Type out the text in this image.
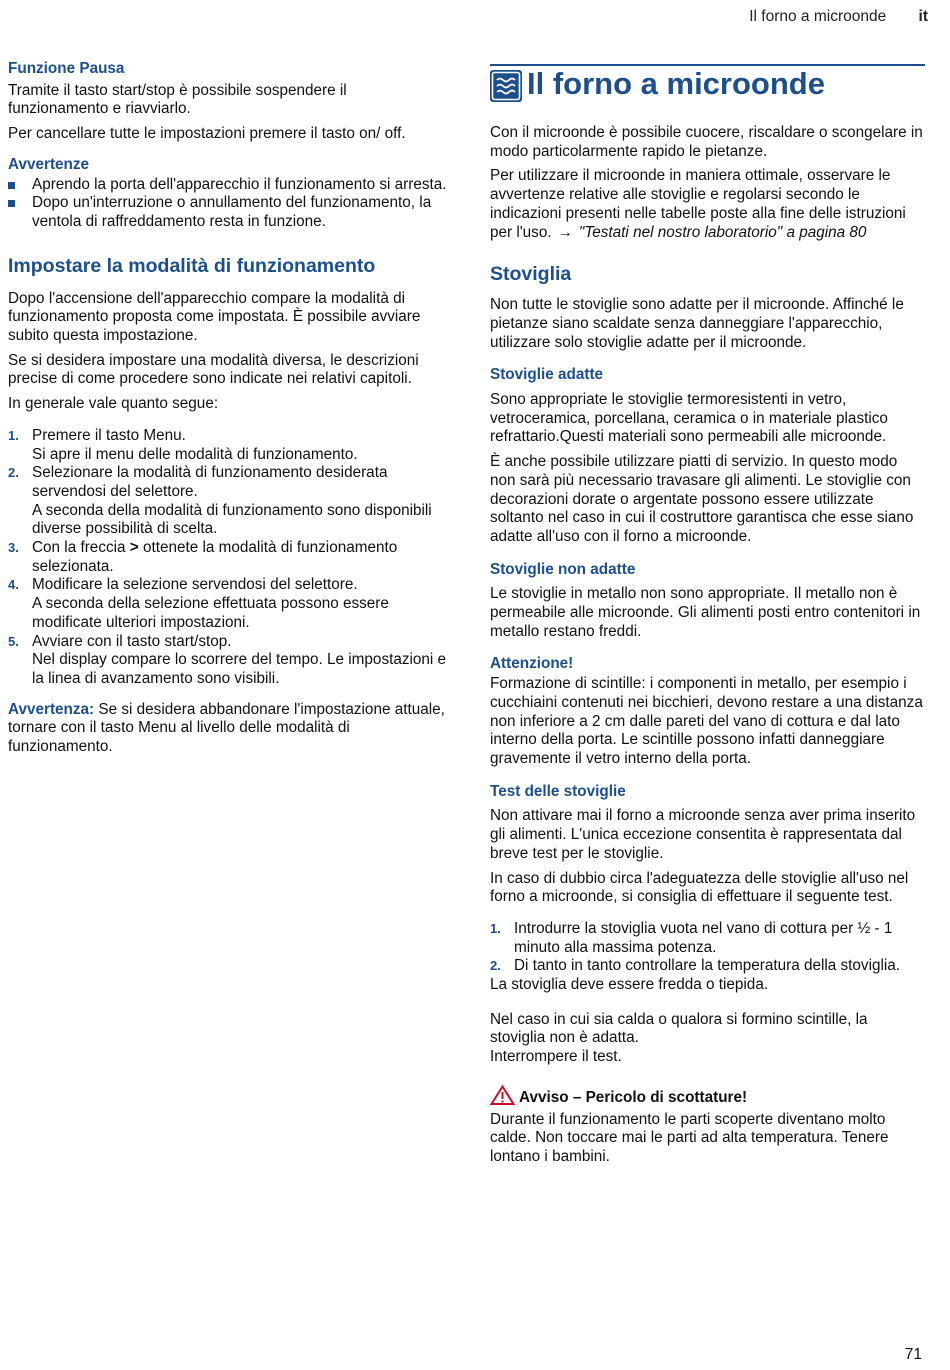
Il forno a microonde it
Funzione Pausa

Tramite il tasto start/stop è possibile sospendere il funzionamento e riavviarlo.

Per cancellare tutte le impostazioni premere il tasto on/ off.

Avvertenze
Aprendo la porta dell'apparecchio il funzionamento si arresta.
Dopo un'interruzione o annullamento del funzionamento, la ventola di raffreddamento resta in funzione.
Impostare la modalità di funzionamento

Dopo l'accensione dell'apparecchio compare la modalità di funzionamento proposta come impostata. È possibile avviare subito questa impostazione.

Se si desidera impostare una modalità diversa, le descrizioni precise di come procedere sono indicate nei relativi capitoli.

In generale vale quanto segue:

1. Premere il tasto Menu.
Si apre il menu delle modalità di funzionamento.
2. Selezionare la modalità di funzionamento desiderata servendosi del selettore.
A seconda della modalità di funzionamento sono disponibili diverse possibilità di scelta.
3. Con la freccia > ottenete la modalità di funzionamento selezionata.
4. Modificare la selezione servendosi del selettore.
A seconda della selezione effettuata possono essere modificate ulteriori impostazioni.
5. Avviare con il tasto start/stop.
Nel display compare lo scorrere del tempo. Le impostazioni e la linea di avanzamento sono visibili.

Avvertenza: Se si desidera abbandonare l'impostazione attuale, tornare con il tasto Menu al livello delle modalità di funzionamento.

Il forno a microonde

Con il microonde è possibile cuocere, riscaldare o scongelare in modo particolarmente rapido le pietanze.

Per utilizzare il microonde in maniera ottimale, osservare le avvertenze relative alle stoviglie e regolarsi secondo le indicazioni presenti nelle tabelle poste alla fine delle istruzioni per l'uso. → "Testati nel nostro laboratorio" a pagina 80

Stoviglia

Non tutte le stoviglie sono adatte per il microonde. Affinché le pietanze siano scaldate senza danneggiare l'apparecchio, utilizzare solo stoviglie adatte per il microonde.

Stoviglie adatte

Sono appropriate le stoviglie termoresistenti in vetro, vetroceramica, porcellana, ceramica o in materiale plastico refrattario.Questi materiali sono permeabili alle microonde.

È anche possibile utilizzare piatti di servizio. In questo modo non sarà più necessario travasare gli alimenti. Le stoviglie con decorazioni dorate o argentate possono essere utilizzate soltanto nel caso in cui il costruttore garantisca che esse siano adatte all'uso con il forno a microonde.

Stoviglie non adatte

Le stoviglie in metallo non sono appropriate. Il metallo non è permeabile alle microonde. Gli alimenti posti entro contenitori in metallo restano freddi.

Attenzione!

Formazione di scintille: i componenti in metallo, per esempio i cucchiaini contenuti nei bicchieri, devono restare a una distanza non inferiore a 2 cm dalle pareti del vano di cottura e dal lato interno della porta. Le scintille possono infatti danneggiare gravemente il vetro interno della porta.

Test delle stoviglie

Non attivare mai il forno a microonde senza aver prima inserito gli alimenti. L'unica eccezione consentita è rappresentata dal breve test per le stoviglie.

In caso di dubbio circa l'adeguatezza delle stoviglie all'uso nel forno a microonde, si consiglia di effettuare il seguente test.

1. Introdurre la stoviglia vuota nel vano di cottura per ½ - 1 minuto alla massima potenza.
2. Di tanto in tanto controllare la temperatura della stoviglia.

La stoviglia deve essere fredda o tiepida.

Nel caso in cui sia calda o qualora si formino scintille, la stoviglia non è adatta.
Interrompere il test.

Avviso – Pericolo di scottature!

Durante il funzionamento le parti scoperte diventano molto calde. Non toccare mai le parti ad alta temperatura. Tenere lontano i bambini.

71
